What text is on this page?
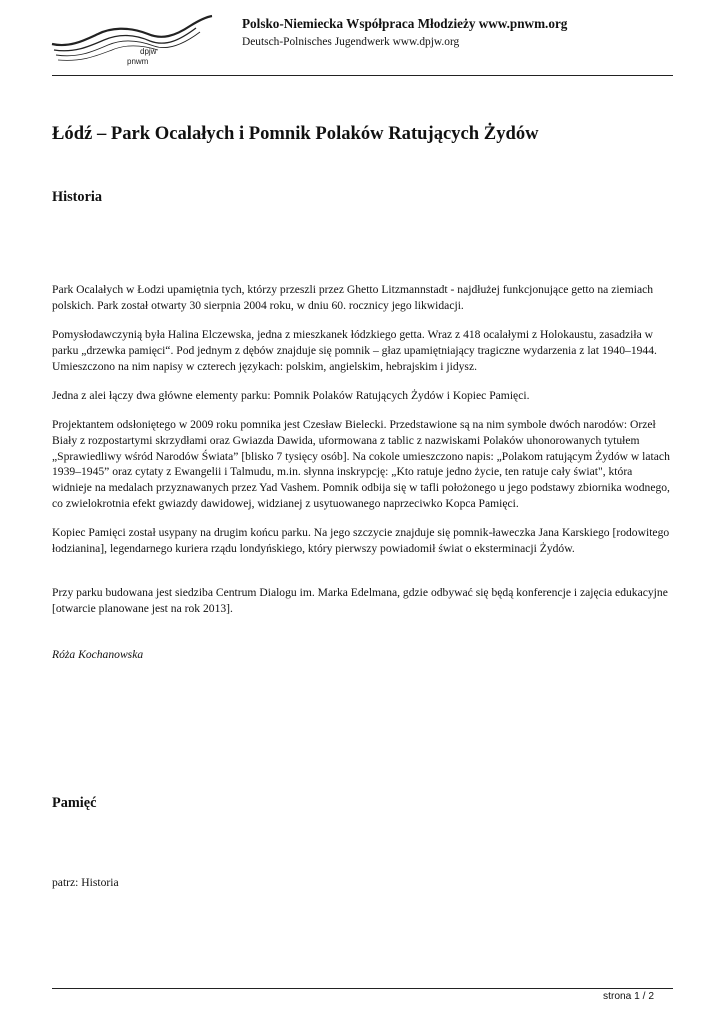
dpjw
pnwm
Polsko-Niemiecka Współpraca Młodzieży www.pnwm.org
Deutsch-Polnisches Jugendwerk www.dpjw.org
Łódź – Park Ocalałych i Pomnik Polaków Ratujących Żydów
Historia

Park Ocalałych w Łodzi upamiętnia tych, którzy przeszli przez Ghetto Litzmannstadt - najdłużej funkcjonujące getto na ziemiach polskich. Park został otwarty 30 sierpnia 2004 roku, w dniu 60. rocznicy jego likwidacji.

Pomysłodawczynią była Halina Elczewska, jedna z mieszkanek łódzkiego getta. Wraz z 418 ocalałymi z Holokaustu, zasadziła w parku „drzewka pamięci“. Pod jednym z dębów znajduje się pomnik – głaz upamiętniający tragiczne wydarzenia z lat 1940–1944. Umieszczono na nim napisy w czterech językach: polskim, angielskim, hebrajskim i jidysz.

Jedna z alei łączy dwa główne elementy parku: Pomnik Polaków Ratujących Żydów i Kopiec Pamięci.

Projektantem odsłoniętego w 2009 roku pomnika jest Czesław Bielecki. Przedstawione są na nim symbole dwóch narodów: Orzeł Biały z rozpostartymi skrzydłami oraz Gwiazda Dawida, uformowana z tablic z nazwiskami Polaków uhonorowanych tytułem „Sprawiedliwy wśród Narodów Świata” [blisko 7 tysięcy osób]. Na cokole umieszczono napis: „Polakom ratującym Żydów w latach 1939–1945” oraz cytaty z Ewangelii i Talmudu, m.in. słynna inskrypcję: „Kto ratuje jedno życie, ten ratuje cały świat", która widnieje na medalach przyznawanych przez Yad Vashem. Pomnik odbija się w tafli położonego u jego podstawy zbiornika wodnego, co zwielokrotnia efekt gwiazdy dawidowej, widzianej z usytuowanego naprzeciwko Kopca Pamięci.

Kopiec Pamięci został usypany na drugim końcu parku. Na jego szczycie znajduje się pomnik-ławeczka Jana Karskiego [rodowitego łodzianina], legendarnego kuriera rządu londyńskiego, który pierwszy powiadomił świat o eksterminacji Żydów.

Przy parku budowana jest siedziba Centrum Dialogu im. Marka Edelmana, gdzie odbywać się będą konferencje i zajęcia edukacyjne [otwarcie planowane jest na rok 2013].

Róża Kochanowska

Pamięć

patrz: Historia

strona 1 / 2
